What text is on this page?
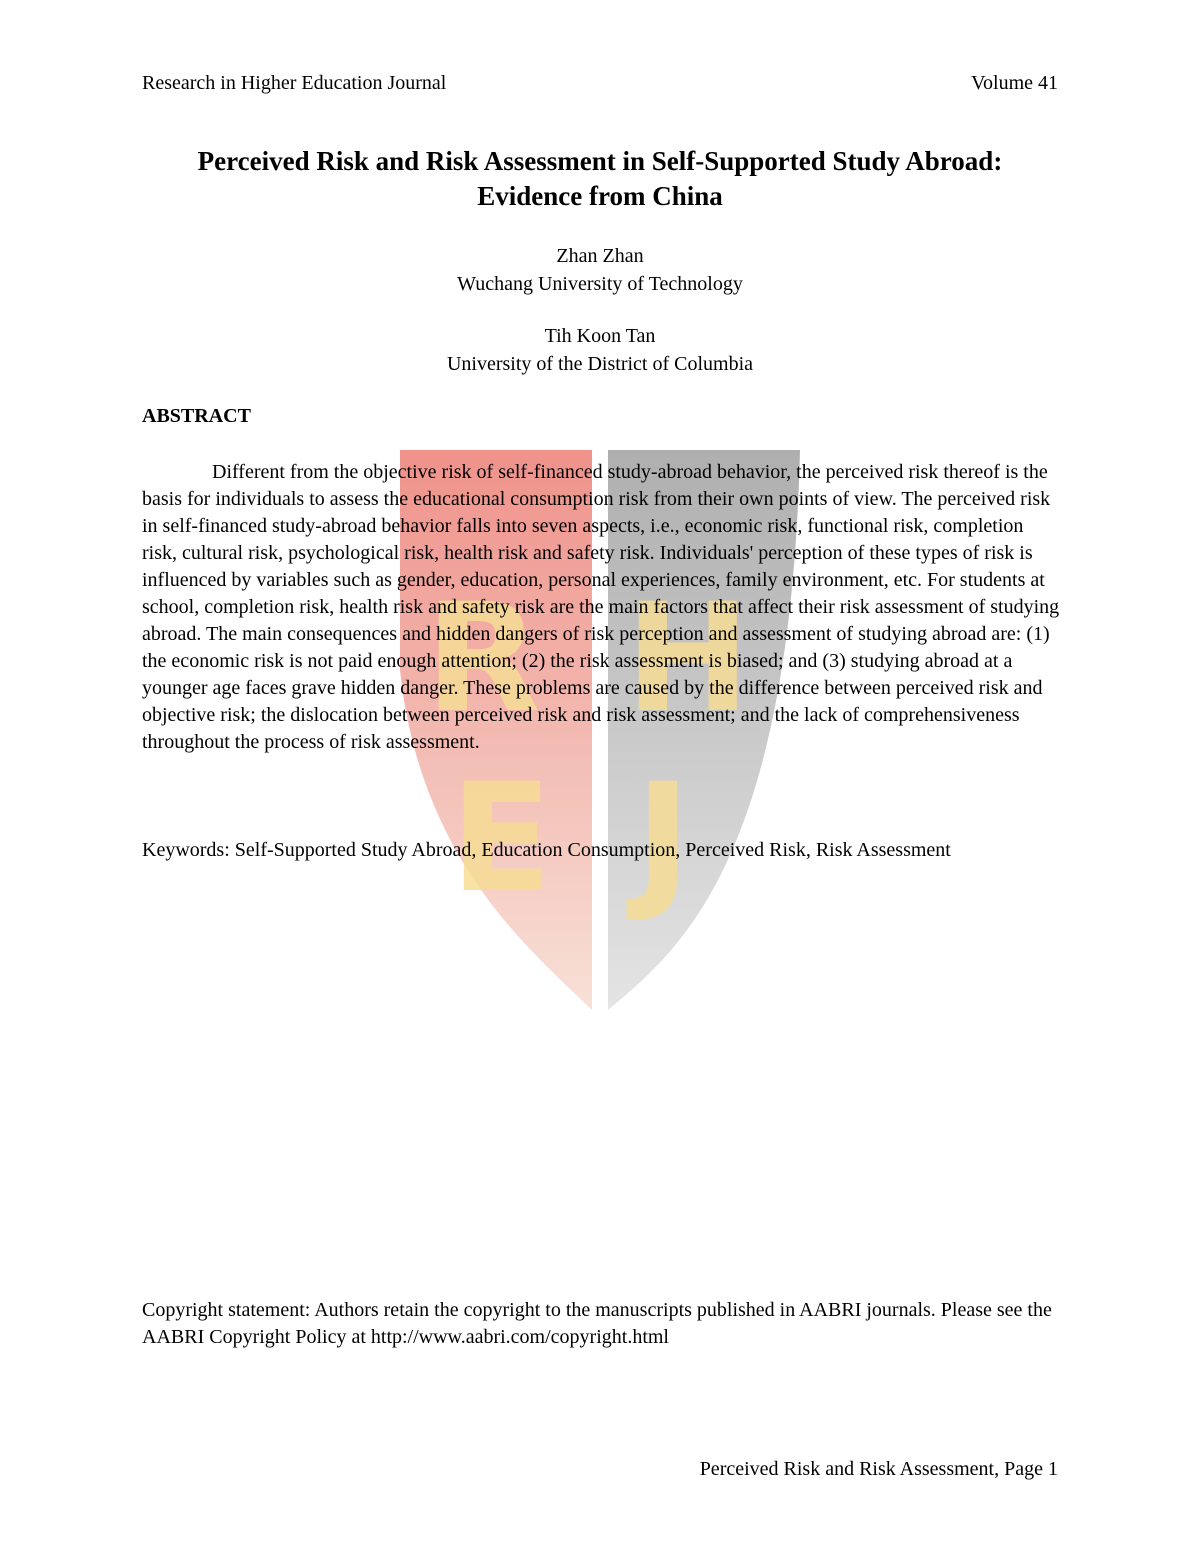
R H
E J
Research in Higher Education Journal	Volume 41
Perceived Risk and Risk Assessment in Self-Supported Study Abroad: Evidence from China
Zhan Zhan
Wuchang University of Technology
Tih Koon Tan
University of the District of Columbia
ABSTRACT

Different from the objective risk of self-financed study-abroad behavior, the perceived risk thereof is the basis for individuals to assess the educational consumption risk from their own points of view. The perceived risk in self-financed study-abroad behavior falls into seven aspects, i.e., economic risk, functional risk, completion risk, cultural risk, psychological risk, health risk and safety risk. Individuals' perception of these types of risk is influenced by variables such as gender, education, personal experiences, family environment, etc. For students at school, completion risk, health risk and safety risk are the main factors that affect their risk assessment of studying abroad. The main consequences and hidden dangers of risk perception and assessment of studying abroad are: (1) the economic risk is not paid enough attention; (2) the risk assessment is biased; and (3) studying abroad at a younger age faces grave hidden danger. These problems are caused by the difference between perceived risk and objective risk; the dislocation between perceived risk and risk assessment; and the lack of comprehensiveness throughout the process of risk assessment.

Keywords: Self-Supported Study Abroad, Education Consumption, Perceived Risk, Risk Assessment

Copyright statement: Authors retain the copyright to the manuscripts published in AABRI journals. Please see the AABRI Copyright Policy at http://www.aabri.com/copyright.html

Perceived Risk and Risk Assessment, Page 1
